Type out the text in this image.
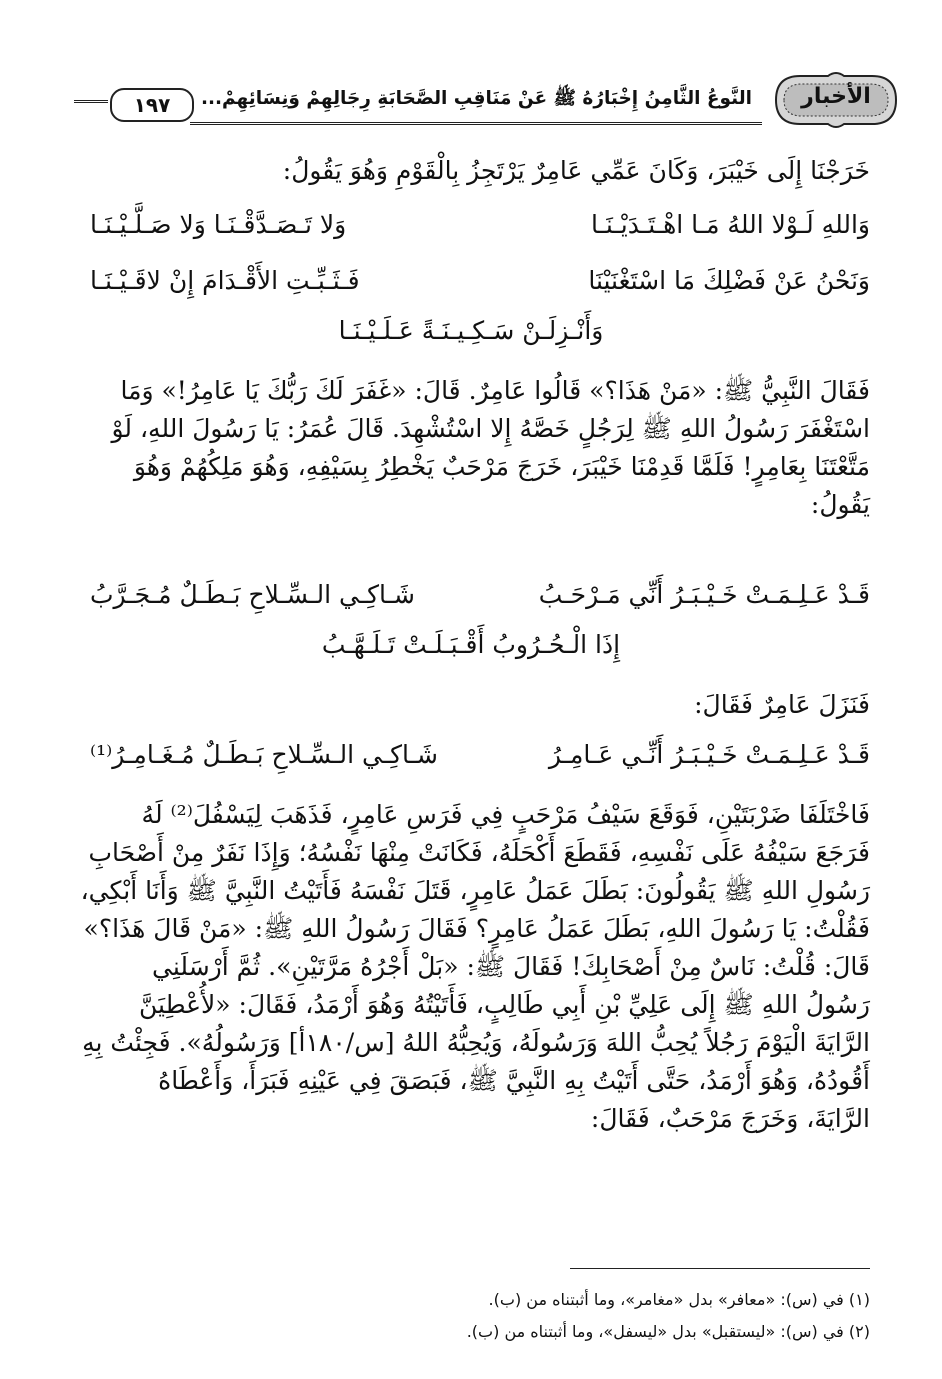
الأخبار
النَّوعُ الثَّامِنُ إِخْبَارُهُ ﷺ عَنْ مَنَاقِبِ الصَّحَابَةِ رِجَالِهِمْ وَنِسَائِهِمْ...
١٩٧
خَرَجْنَا إِلَى خَيْبَرَ، وَكَانَ عَمِّي عَامِرٌ يَرْتَجِزُ بِالْقَوْمِ وَهُوَ يَقُولُ:
وَاللهِ لَـوْلا اللهُ مَـا اهْـتَـدَيْـنَـا
وَلا تَـصَـدَّقْـنَـا وَلا صَـلَّـيْـنَـا
وَنَحْنُ عَنْ فَضْلِكَ مَا اسْتَغْنَيْنَا
فَـثَـبِّـتِ الأَقْـدَامَ إِنْ لاقَـيْـنَـا
وَأَنْـزِلَـنْ سَـكِـيـنَـةً عَـلَـيْـنَـا
فَقَالَ النَّبِيُّ ﷺ: «مَنْ هَذَا؟» قَالُوا عَامِرٌ. قَالَ: «غَفَرَ لَكَ رَبُّكَ يَا عَامِرُ!» وَمَا
اسْتَغْفَرَ رَسُولُ اللهِ ﷺ لِرَجُلٍ خَصَّهُ إِلا اسْتُشْهِدَ. قَالَ عُمَرُ: يَا رَسُولَ اللهِ، لَوْ
مَتَّعْتَنَا بِعَامِرٍ! فَلَمَّا قَدِمْنَا خَيْبَرَ، خَرَجَ مَرْحَبٌ يَخْطِرُ بِسَيْفِهِ، وَهُوَ مَلِكُهُمْ وَهُوَ
يَقُولُ:
قَـدْ عَـلِـمَـتْ خَـيْـبَـرُ أَنِّي مَـرْحَـبُ
شَـاكِـي الـسِّـلاحِ بَـطَـلٌ مُـجَـرَّبُ
إِذَا الْـحُـرُوبُ أَقْـبَـلَـتْ تَـلَـهَّـبُ
فَنَزَلَ عَامِرٌ فَقَالَ:
قَـدْ عَـلِـمَـتْ خَـيْـبَـرُ أَنِّـي عَـامِـرُ
شَـاكِـي الـسِّـلاحِ بَـطَـلٌ مُـغَـامِـرُ⁽¹⁾
فَاخْتَلَفَا ضَرْبَتَيْنِ، فَوَقَعَ سَيْفُ مَرْحَبٍ فِي فَرَسِ عَامِرٍ، فَذَهَبَ لِيَسْفُلَ⁽²⁾ لَهُ
فَرَجَعَ سَيْفُهُ عَلَى نَفْسِهِ، فَقَطَعَ أَكْحَلَهُ، فَكَانَتْ مِنْهَا نَفْسُهُ؛ وَإِذَا نَفَرٌ مِنْ أَصْحَابِ
رَسُولِ اللهِ ﷺ يَقُولُونَ: بَطَلَ عَمَلُ عَامِرٍ، قَتَلَ نَفْسَهُ فَأَتَيْتُ النَّبِيَّ ﷺ وَأَنَا أَبْكِي،
فَقُلْتُ: يَا رَسُولَ اللهِ، بَطَلَ عَمَلُ عَامِرٍ؟ فَقَالَ رَسُولُ اللهِ ﷺ: «مَنْ قَالَ هَذَا؟»
قَالَ: قُلْتُ: نَاسٌ مِنْ أَصْحَابِكَ! فَقَالَ ﷺ: «بَلْ أَجْرُهُ مَرَّتَيْنِ». ثُمَّ أَرْسَلَنِي
رَسُولُ اللهِ ﷺ إِلَى عَلِيِّ بْنِ أَبِي طَالِبٍ، فَأَتَيْتُهُ وَهُوَ أَرْمَدُ، فَقَالَ: «لأُعْطِيَنَّ
الرَّايَةَ الْيَوْمَ رَجُلاً يُحِبُّ اللهَ وَرَسُولَهُ، وَيُحِبُّهُ اللهُ [س/١٨٠أ] وَرَسُولُهُ». فَجِئْتُ بِهِ
أَقُودُهُ، وَهُوَ أَرْمَدُ، حَتَّى أَتَيْتُ بِهِ النَّبِيَّ ﷺ، فَبَصَقَ فِي عَيْنِهِ فَبَرَأَ، وَأَعْطَاهُ
الرَّايَةَ، وَخَرَجَ مَرْحَبٌ، فَقَالَ:
(١) في (س): «معافر» بدل «مغامر»، وما أثبتناه من (ب).
(٢) في (س): «ليستقبل» بدل «ليسفل»، وما أثبتناه من (ب).
